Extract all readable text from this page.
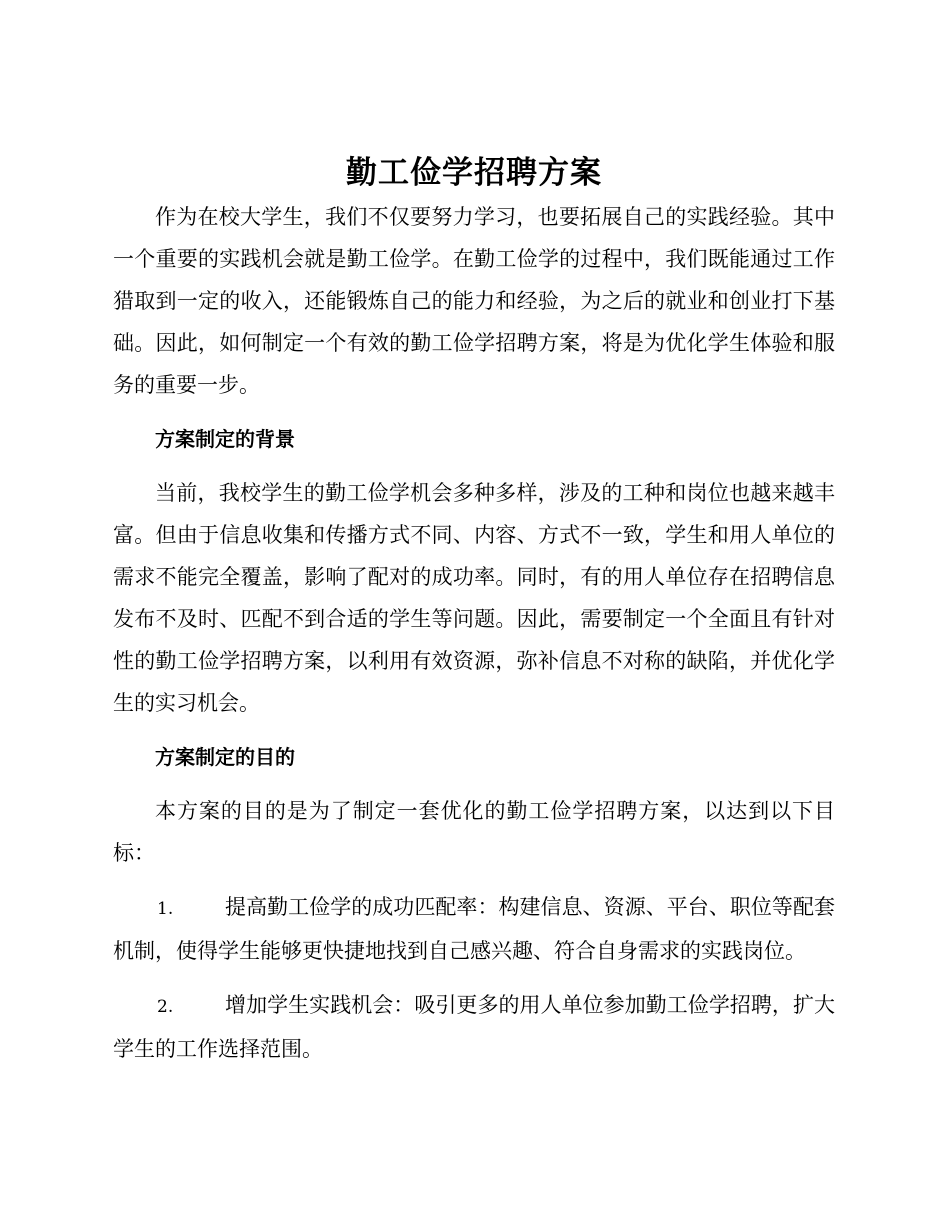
勤工俭学招聘方案

作为在校大学生，我们不仅要努力学习，也要拓展自己的实践经验。其中一个重要的实践机会就是勤工俭学。在勤工俭学的过程中，我们既能通过工作猎取到一定的收入，还能锻炼自己的能力和经验，为之后的就业和创业打下基础。因此，如何制定一个有效的勤工俭学招聘方案，将是为优化学生体验和服务的重要一步。

方案制定的背景

当前，我校学生的勤工俭学机会多种多样，涉及的工种和岗位也越来越丰富。但由于信息收集和传播方式不同、内容、方式不一致，学生和用人单位的需求不能完全覆盖，影响了配对的成功率。同时，有的用人单位存在招聘信息发布不及时、匹配不到合适的学生等问题。因此，需要制定一个全面且有针对性的勤工俭学招聘方案，以利用有效资源，弥补信息不对称的缺陷，并优化学生的实习机会。

方案制定的目的

本方案的目的是为了制定一套优化的勤工俭学招聘方案，以达到以下目标：

1. 提高勤工俭学的成功匹配率：构建信息、资源、平台、职位等配套机制，使得学生能够更快捷地找到自己感兴趣、符合自身需求的实践岗位。
2. 增加学生实践机会：吸引更多的用人单位参加勤工俭学招聘，扩大学生的工作选择范围。
